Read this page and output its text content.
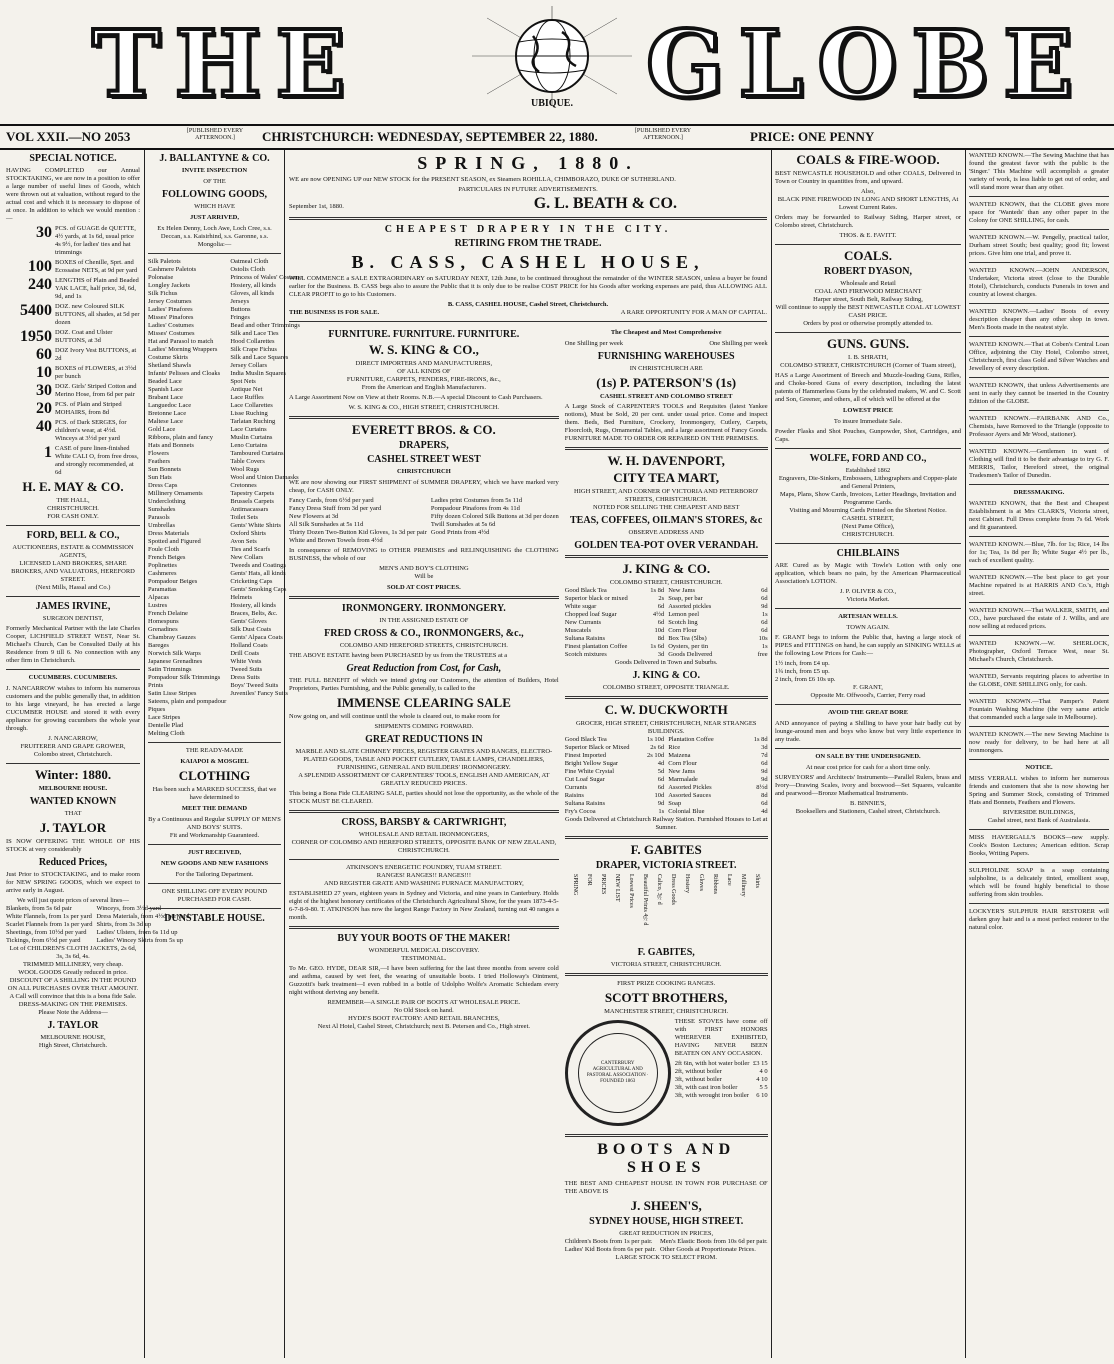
THE	UBIQUE. GLOBE
VOL XXII.—NO 2053	[PUBLISHED EVERY AFTERNOON.]	CHRISTCHURCH: WEDNESDAY, SEPTEMBER 22, 1880.	[PUBLISHED EVERY AFTERNOON.]	PRICE: ONE PENNY
SPECIAL NOTICE.
HAVING COMPLETED our Annual STOCKTAKING, we are now in a position to offer a large number of useful lines of Goods, which were thrown out at valuation, without regard to the actual cost and which it is necessary to dispose of at once. In addition to which we would mention :—
30 PCS. of GUAGE de QUETTE, 4½ yards, at 1s 6d, usual price 4s 9½, for ladies' ties and hat trimmings
100 BOXES of Chenille, Sprt. and Ecossaise NETS, at 9d per yard
240 LENGTHS of Plain and Beaded YAK LACE, half price, 3d, 6d, 9d, and 1s
5400 DOZ. new Coloured SILK BUTTONS, all shades, at 5d per dozen
1950 DOZ. Coat and Ulster BUTTONS, at 3d
60 DOZ Ivory Vest BUTTONS, at 2d
10 BOXES of FLOWERS, at 3½d per bunch
30 DOZ. Girls' Striped Cotton and Merino Hose, from 6d per pair
20 PCS. of Plain and Striped MOHAIRS, from 8d
40 PCS. of Dark SERGES, for children's wear, at 4½d. Winceys at 3½d per yard
1 CASE of pure linen-finished White CALI O, from free dross, and strongly recommended, at 6d
H. E. MAY & CO.
THE HALL,
CHRISTCHURCH.
FOR CASH ONLY.
FORD, BELL & CO.,
AUCTIONEERS, ESTATE & COMMISSION AGENTS,
LICENSED LAND BROKERS, SHARE BROKERS, AND VALUATORS, HEREFORD STREET.
(Next Mills, Hassal and Co.)
JAMES IRVINE,
SURGEON DENTIST,
Formerly Mechanical Partner with the late Charles Cooper, LICHFIELD STREET WEST, Near St. Michael's Church, Can be Consulted Daily at his Residence from 9 till 6. No connection with any other firm in Christchurch.
CUCUMBERS. CUCUMBERS.
J. NANCARROW wishes to inform his numerous customers and the public generally that, in addition to his large vineyard, he has erected a large CUCUMBER HOUSE and stored it with every appliance for growing cucumbers the whole year through.
J. NANCARROW,
FRUITERER AND GRAPE GROWER,
Colombo street, Christchurch.
Winter: 1880.
MELBOURNE HOUSE.
WANTED KNOWN
THAT
J. TAYLOR
IS NOW OFFERING THE WHOLE OF HIS STOCK at very considerably
Reduced Prices,
Just Prior to STOCKTAKING, and to make room for NEW SPRING GOODS, which we expect to arrive early in August.
We will just quote prices of several lines—
Blankets, from 5s 6d pair	Winceys, from 3½d yard
White Flannels, from 1s per yard Dress Materials, from 4½d per yard
Scarlet Flannels from 1s per yard Shirts, from 3s 3d up
Sheetings, from 10½d per yard	Ladies' Ulsters, from 6s 11d up
Tickings, from 6½d per yard	Ladies' Wincey Skirts from 5s up
Lot of CHILDREN'S CLOTH JACKETS, 2s 6d, 3s, 3s 6d, 4s.
TRIMMED MILLINERY, very cheap.
WOOL GOODS Greatly reduced in price.
DISCOUNT OF A SHILLING IN THE POUND ON ALL PURCHASES OVER THAT AMOUNT.
A Call will convince that this is a bona fide Sale.
DRESS-MAKING ON THE PREMISES.
Please Note the Address—
J. TAYLOR
MELBOURNE HOUSE,
High Street, Christchurch.
J. BALLANTYNE & CO.
INVITE INSPECTION
OF THE
FOLLOWING GOODS,
WHICH HAVE
JUST ARRIVED,
Ex Helen Denny, Loch Awe, Loch Cree, s.s. Deccan, s.s. Kaisirhind, s.s. Garonne, s.s. Mongolia:—
Silk Paletots	Oatmeal Cloth
Cashmere Paletots	Ostolis Cloth
Polonaise	Princess of Wales' Costume
Longley Jackets	Hosiery, all kinds
Silk Fichus	Gloves, all kinds
Jersey Costumes	Jerseys
Ladies' Pinafores	Buttons
Misses' Pinafores	Fringes
Ladies' Costumes	Bead and other Trimmings
Misses' Costumes	Silk and Lace Ties
Hat and Parasol to match	Hood Collarettes
Ladies' Morning Wrappers	Silk Crape Fichus
Costume Skirts	Silk and Lace Squares
Shetland Shawls	Jersey Collars
Infants' Pelisses and Cloaks	India Muslin Squares
Beaded Lace	Spot Nets
Spanish Lace	Antique Net
Brabant Lace	Lace Ruffles
Languedoc Lace	Lace Collarettes
Bretonne Lace	Lisse Ruching
Maltese Lace	Tarlatan Ruching
Gold Lace	Lace Curtains
Ribbons, plain and fancy	Muslin Curtains
Hats and Bonnets	Leno Curtains
Flowers	Tamboured Curtains
Feathers	Table Covers
Sun Bonnets	Wool Rugs
Sun Hats	Wool and Union Damasks
Dress Caps	Cretonnes
Millinery Ornaments	Tapestry Carpets
Underclothing	Brussels Carpets
Sunshades	Antimacassars
Parasols	Toilet Sets
Umbrellas	Gents' White Shirts
Dress Materials	Oxford Shirts
Spotted and Figured	Avon Sets
Foule Cloth	Ties and Scarfs
French Beiges	New Collars
Poplinettes	Tweeds and Coatings
Cashmeres	Gents' Hats, all kinds
Pompadour Beiges	Cricketing Caps
Paramattas	Gents' Smoking Caps
Alpacas	Helmets
Lustres	Hosiery, all kinds
French Delaine	Braces, Belts, &c.
Homespuns	Gents' Gloves
Grenadines	Silk Dust Coats
Chambray Gauzes	Gents' Alpaca Coats
Bareges	Holland Coats
Norwich Silk Warps	Drill Coats
Japanese Grenadines	White Vests
Satin Trimmings	Tweed Suits
Pompadour Silk Trimmings	Dress Suits
Prints	Boys' Tweed Suits
Satin Lisse Stripes	Juveniles' Fancy Suits
Sateens, plain and pompadour
Piques
Lace Stripes
Dentelle Plad
Melting Cloth
THE READY-MADE
KAIAPOI & MOSGIEL
CLOTHING
Has been such a MARKED SUCCESS, that we have determined to
MEET THE DEMAND
By a Continuous and Regular SUPPLY OF MEN'S AND BOYS' SUITS.
Fit and Workmanship Guaranteed.
JUST RECEIVED,
NEW GOODS AND NEW FASHIONS
For the Tailoring Department.
ONE SHILLING OFF EVERY POUND PURCHASED FOR CASH.
DUNSTABLE HOUSE.
SPRING, 1880.
WE are now OPENING UP our NEW STOCK for the PRESENT SEASON, ex Steamers ROHILLA, CHIMBORAZO, DUKE OF SUTHERLAND.
PARTICULARS IN FUTURE ADVERTISEMENTS.
September 1st, 1880.	G. L. BEATH & CO.
CHEAPEST DRAPERY IN THE CITY.
RETIRING FROM THE TRADE.
B. CASS, CASHEL HOUSE,
WILL COMMENCE a SALE EXTRAORDINARY on SATURDAY NEXT, 12th June, to be continued throughout the remainder of the WINTER SEASON, unless a buyer be found earlier for the Business. B. CASS begs also to assure the Public that it is only due to be realise COST PRICE for his Goods after working expenses are paid, thus ALLOWING ALL CLEAR PROFIT to go to his Customers.
B. CASS, CASHEL HOUSE, Cashel Street, Christchurch.
THE BUSINESS IS FOR SALE.	A RARE OPPORTUNITY FOR A MAN OF CAPITAL.
FURNITURE. FURNITURE. FURNITURE.
W. S. KING & CO.,
DIRECT IMPORTERS AND MANUFACTURERS,
OF ALL KINDS OF
FURNITURE, CARPETS, FENDERS, FIRE-IRONS, &c.,
From the American and English Manufacturers.
A Large Assortment Now on View at their Rooms. N.B.—A special Discount to Cash Purchasers.
W. S. KING & CO., HIGH STREET, CHRISTCHURCH.
EVERETT BROS. & CO.
DRAPERS,
CASHEL STREET WEST
CHRISTCHURCH
WE are now showing our FIRST SHIPMENT of SUMMER DRAPERY, which we have marked very cheap, for CASH ONLY.
Fancy Cards, from 6½d per yard	Ladies print Costumes from 5s 11d
Fancy Dress Stuff from 3d per yard	Pompadour Pinafores from 4s 11d
New Flowers at 3d	Fifty dozen Colored Silk Buttons at 3d per dozen
All Silk Sunshades at 5s 11d	Twill Sunshades at 5s 6d
Thirty Dozen Two-Button Kid Gloves, 1s 3d per pair Good Prints from 4½d
White and Brown Towels from 4½d
In consequence of REMOVING to OTHER PREMISES and RELINQUISHING the CLOTHING BUSINESS, the whole of our
MEN'S AND BOY'S CLOTHING
Will be
SOLD AT COST PRICES.
IRONMONGERY. IRONMONGERY.
IN THE ASSIGNED ESTATE OF
FRED CROSS & CO., IRONMONGERS, &c.,
COLOMBO AND HEREFORD STREETS, CHRISTCHURCH.
THE ABOVE ESTATE having been PURCHASED by us from the TRUSTEES at a
Great Reduction from Cost, for Cash,
THE FULL BENEFIT of which we intend giving our Customers, the attention of Builders, Hotel Proprietors, Parties Furnishing, and the Public generally, is called to the
IMMENSE CLEARING SALE
Now going on, and will continue until the whole is cleared out, to make room for
SHIPMENTS COMING FORWARD.
GREAT REDUCTIONS IN
MARBLE AND SLATE CHIMNEY PIECES, REGISTER GRATES AND RANGES, ELECTRO-PLATED GOODS, TABLE AND POCKET CUTLERY, TABLE LAMPS, CHANDELIERS,
FURNISHING, GENERAL AND BUILDERS' IRONMONGERY.
A SPLENDID ASSORTMENT OF CARPENTERS' TOOLS, ENGLISH AND AMERICAN, AT GREATLY REDUCED PRICES.
This being a Bona Fide CLEARING SALE, parties should not lose the opportunity, as the whole of the STOCK MUST BE CLEARED.
CROSS, BARSBY & CARTWRIGHT,
WHOLESALE AND RETAIL IRONMONGERS,
CORNER OF COLOMBO AND HEREFORD STREETS, OPPOSITE BANK OF NEW ZEALAND, CHRISTCHURCH.
ATKINSON'S ENERGETIC FOUNDRY, TUAM STREET.
RANGES! RANGES!! RANGES!!!
AND REGISTER GRATE AND WASHING FURNACE MANUFACTORY,
ESTABLISHED 27 years, eighteen years in Sydney and Victoria, and nine years in Canterbury. Holds eight of the highest honorary certificates of the Christchurch Agricultural Show, for the years 1873-4-5-6-7-8-9-80. T. ATKINSON has now the largest Range Factory in New Zealand, turning out 40 ranges a month.
BUY YOUR BOOTS OF THE MAKER!
WONDERFUL MEDICAL DISCOVERY.
TESTIMONIAL.
To Mr. GEO. HYDE, DEAR SIR,—I have been suffering for the last three months from severe cold and asthma, caused by wet feet, the wearing of unsuitable boots. I tried Holloway's Ointment, Guzzotti's bark treatment—I even rubbed in a bottle of Udolpho Wolfe's Aromatic Schiedam every night without deriving any benefit.
REMEMBER—A SINGLE PAIR OF BOOTS AT WHOLESALE PRICE.
No Old Stock on hand.
HYDE'S BOOT FACTORY: AND RETAIL BRANCHES,
Next Al Hotel, Cashel Street, Christchurch; next B. Petersen and Co., High street.
The Cheapest and Most Comprehensive
One Shilling per week	One Shilling per week
FURNISHING WAREHOUSES
IN CHRISTCHURCH ARE
(1s) P. PATERSON'S (1s)
CASHEL STREET AND COLOMBO STREET
A Large Stock of CARPENTER'S TOOLS and Requisites (latest Yankee notions), Must be Sold, 20 per cent. under usual price. Come and inspect them. Beds, Bed Furniture, Crockery, Ironmongery, Cutlery, Carpets, Floorcloth, Rugs, Ornamental Tables, and a large assortment of Fancy Goods. FURNITURE MADE TO ORDER OR REPAIRED ON THE PREMISES.
W. H. DAVENPORT,
CITY TEA MART,
HIGH STREET, AND CORNER OF VICTORIA AND PETERBORO' STREETS, CHRISTCHURCH.
NOTED FOR SELLING THE CHEAPEST AND BEST
TEAS, COFFEES, OILMAN'S STORES, &c
OBSERVE ADDRESS AND
GOLDEN TEA-POT OVER VERANDAH.
J. KING & CO.
COLOMBO STREET, CHRISTCHURCH.
Good Black Tea	1s 8d New Jams	6d
Superior black or mixed	2s Soap, per bar	6d
White sugar	6d Assorted pickles	9d
Chopped loaf Sugar	4½d Lemon peel	1s
New Currants	6d Scotch ling	6d
Muscatels	10d Corn Flour	6d
Sultana Raisins	8d Box Tea (5lbs)	10s
Finest plantation Coffee	1s 6d Oysters, per tin	1s
Scotch mixtures	3d Goods Delivered	free
Goods Delivered in Town and Suburbs.
J. KING & CO.
COLOMBO STREET, OPPOSITE TRIANGLE.
C. W. DUCKWORTH
GROCER, HIGH STREET, CHRISTCHURCH, NEAR STRANGES BUILDINGS.
Good Black Tea	1s 10d Plantation Coffee	1s 8d
Superior Black or Mixed	2s 6d Rice	3d
Finest Imported	2s 10d Maizena	7d
Bright Yellow Sugar	4d Corn Flour	6d
Fine White Crystal	5d New Jams	9d
Cut Loaf Sugar	6d Marmalade	9d
Currants	6d Assorted Pickles	8½d
Raisins	10d Assorted Sauces	8d
Sultana Raisins	9d Soap	6d
Fry's Cocoa	1s Colonial Blue	4d
Goods Delivered at Christchurch Railway Station. Furnished Houses to Let at Sumner.
F. GABITES
DRAPER, VICTORIA STREET.
SPRING FOR PRICES NEW LIST Lowest Prices Beautiful Prints 4½d Calico, 3½d Dress Goods Hosiery Gloves Ribbons Lace Millinery Shirts
F. GABITES,
VICTORIA STREET, CHRISTCHURCH.
FIRST PRIZE COOKING RANGES.
SCOTT BROTHERS,
MANCHESTER STREET, CHRISTCHURCH.
CANTERBURY AGRICULTURAL AND PASTORAL ASSOCIATION · FOUNDED 1863
THESE STOVES have come off with FIRST HONORS WHEREVER EXHIBITED, HAVING NEVER BEEN BEATEN ON ANY OCCASION.
2ft 6in, with hot water boiler £3 15
2ft, without boiler	4 0
3ft, without boiler	4 10
3ft, with cast iron boiler	5 5
3ft, with wrought iron boiler 6 10
BOOTS AND SHOES
THE BEST AND CHEAPEST HOUSE IN TOWN FOR PURCHASE OF THE ABOVE IS
J. SHEEN'S,
SYDNEY HOUSE, HIGH STREET.
GREAT REDUCTION IN PRICES,
Children's Boots from 1s per pair.	Men's Elastic Boots from 10s 6d per pair.
Ladies' Kid Boots from 6s per pair. Other Goods at Proportionate Prices.
LARGE STOCK TO SELECT FROM.
COALS & FIRE-WOOD.
BEST NEWCASTLE HOUSEHOLD and other COALS, Delivered in Town or Country in quantities from, and upward.
Also,
BLACK PINE FIREWOOD IN LONG AND SHORT LENGTHS, At Lowest Current Rates.
Orders may be forwarded to Railway Siding, Harper street, or Colombo street, Christchurch.
THOS. & E. FAVITT.
COALS.
ROBERT DYASON,
Wholesale and Retail
COAL AND FIREWOOD MERCHANT
Harper street, South Belt, Railway Siding,
Will continue to supply the BEST NEWCASTLE COAL AT LOWEST CASH PRICE.
Orders by post or otherwise promptly attended to.
GUNS. GUNS.
I. B. SHRATH,
COLOMBO STREET, CHRISTCHURCH (Corner of Tuam street),
HAS a Large Assortment of Breech and Muzzle-loading Guns, Rifles, and Choke-bored Guns of every description, including the latest patents of Hammerless Guns by the celebrated makers, W. and C. Scott and Son, Greener, and others, all of which will be offered at the
LOWEST PRICE
To insure Immediate Sale.
Powder Flasks and Shot Pouches, Gunpowder, Shot, Cartridges, and Caps.
WOLFE, FORD AND CO.,
Established 1862
Engravers, Die-Sinkers, Embossers, Lithographers and Copper-plate and General Printers,
Maps, Plans, Show Cards, Invoices, Letter Headings, Invitation and Programme Cards.
Visiting and Mourning Cards Printed on the Shortest Notice.
CASHEL STREET,
(Next Pame Office),
CHRISTCHURCH.
CHILBLAINS
ARE Cured as by Magic with Towle's Lotion with only one application, which bears no pain, by the American Pharmaceutical Association's LOTION.
J. P. OLIVER & CO.,
Victoria Market.
ARTESIAN WELLS.
TOWN AGAIN.
F. GRANT begs to inform the Public that, having a large stock of PIPES and FITTINGS on hand, he can supply an SINKING WELLS at the following Low Prices for Cash:—
1½ inch, from £4 up.
1¾ inch, from £5 up.
2 inch, from £6 10s up.
F. GRANT,
Opposite Mr. Offwood's, Carrier, Ferry road
AVOID THE GREAT BORE
AND annoyance of paying a Shilling to have your hair badly cut by lounge-around men and boys who know but very little experience in any trade.
ON SALE BY THE UNDERSIGNED.
At near cost price for cash for a short time only.
SURVEYORS' and Architects' Instruments—Parallel Rulers, brass and Ivory—Drawing Scales, ivory and boxwood—Set Squares, vulcanite and pearwood—Bronze Mathematical Instruments.
B. BINNIE'S,
Booksellers and Stationers, Cashel street, Christchurch.
WANTED KNOWN.—The Sewing Machine that has found the greatest favor with the public is the 'Singer.' This Machine will accomplish a greater variety of work, is less liable to get out of order, and will stand more wear than any other.
WANTED KNOWN, that the CLOBE gives more space for 'Wanteds' than any other paper in the Colony for ONE SHILLING, for cash.
WANTED KNOWN.—W. Pengelly, practical tailor, Durham street South; best quality; good fit; lowest prices. Give him one trial, and prove it.
WANTED KNOWN.—JOHN ANDERSON, Undertaker, Victoria street (close to the Durable Hotel), Christchurch, conducts Funerals in town and country at lowest charges.
WANTED KNOWN.—Ladies' Boots of every description cheaper than any other shop in town. Men's Boots made in the neatest style.
WANTED KNOWN.—That at Coben's Central Loan Office, adjoining the City Hotel, Colombo street, Christchurch, first class Gold and Silver Watches and Jewellery of every description.
WANTED KNOWN, that unless Advertisements are sent in early they cannot be inserted in the Country Edition of the GLOBE.
WANTED KNOWN.—FAIRBANK AND Co., Chemists, have Removed to the Triangle (opposite to Professor Ayers and Mr Wood, stationer).
WANTED KNOWN.—Gentlemen in want of Clothing will find it to be their advantage to try G. F. MERRIS, Tailor, Hereford street, the original Tradesmen's Tailor of Dunedin.
DRESSMAKING.
WANTED KNOWN, that the Best and Cheapest Establishment is at Mrs CLARK'S, Victoria street, next Cabinet. Full Dress complete from 7s 6d. Work and fit guaranteed.
WANTED KNOWN.—Blue, 7lb. for 1s; Rice, 14 lbs for 1s; Tea, 1s 8d per lb; White Sugar 4½ per lb., each of excellent quality.
WANTED KNOWN.—The best place to get your Machine repaired is at HARRIS AND Co.'s, High street.
WANTED KNOWN.—That WALKER, SMITH, and CO., have purchased the estate of J. Willis, and are now selling at reduced prices.
WANTED KNOWN.—W. SHERLOCK, Photographer, Oxford Terrace West, near St. Michael's Church, Christchurch.
WANTED, Servants requiring places to advertise in the GLOBE, ONE SHILLING only, for cash.
WANTED KNOWN.—That Pamper's Patent Fountain Washing Machine (the very same article that commanded such a large sale in Melbourne).
WANTED KNOWN.—The new Sewing Machine is now ready for delivery, to be had here at all ironmongers.
NOTICE.
MISS VERRALL wishes to inform her numerous friends and customers that she is now showing her Spring and Summer Stock, consisting of Trimmed Hats and Bonnets, Feathers and Flowers.
RIVERSIDE BUILDINGS,
Cashel street, next Bank of Australasia.
MISS HAVERGALL'S BOOKS—new supply. Cook's Boston Lectures; American edition. Scrap Books, Writing Papers.
SULPHOLINE SOAP is a soap containing sulpholine, is a delicately tinted, emollient soap, which will be found highly beneficial to those suffering from skin troubles.
LOCKYER'S SULPHUR HAIR RESTORER will darken gray hair and is a most perfect restorer to the natural color.
